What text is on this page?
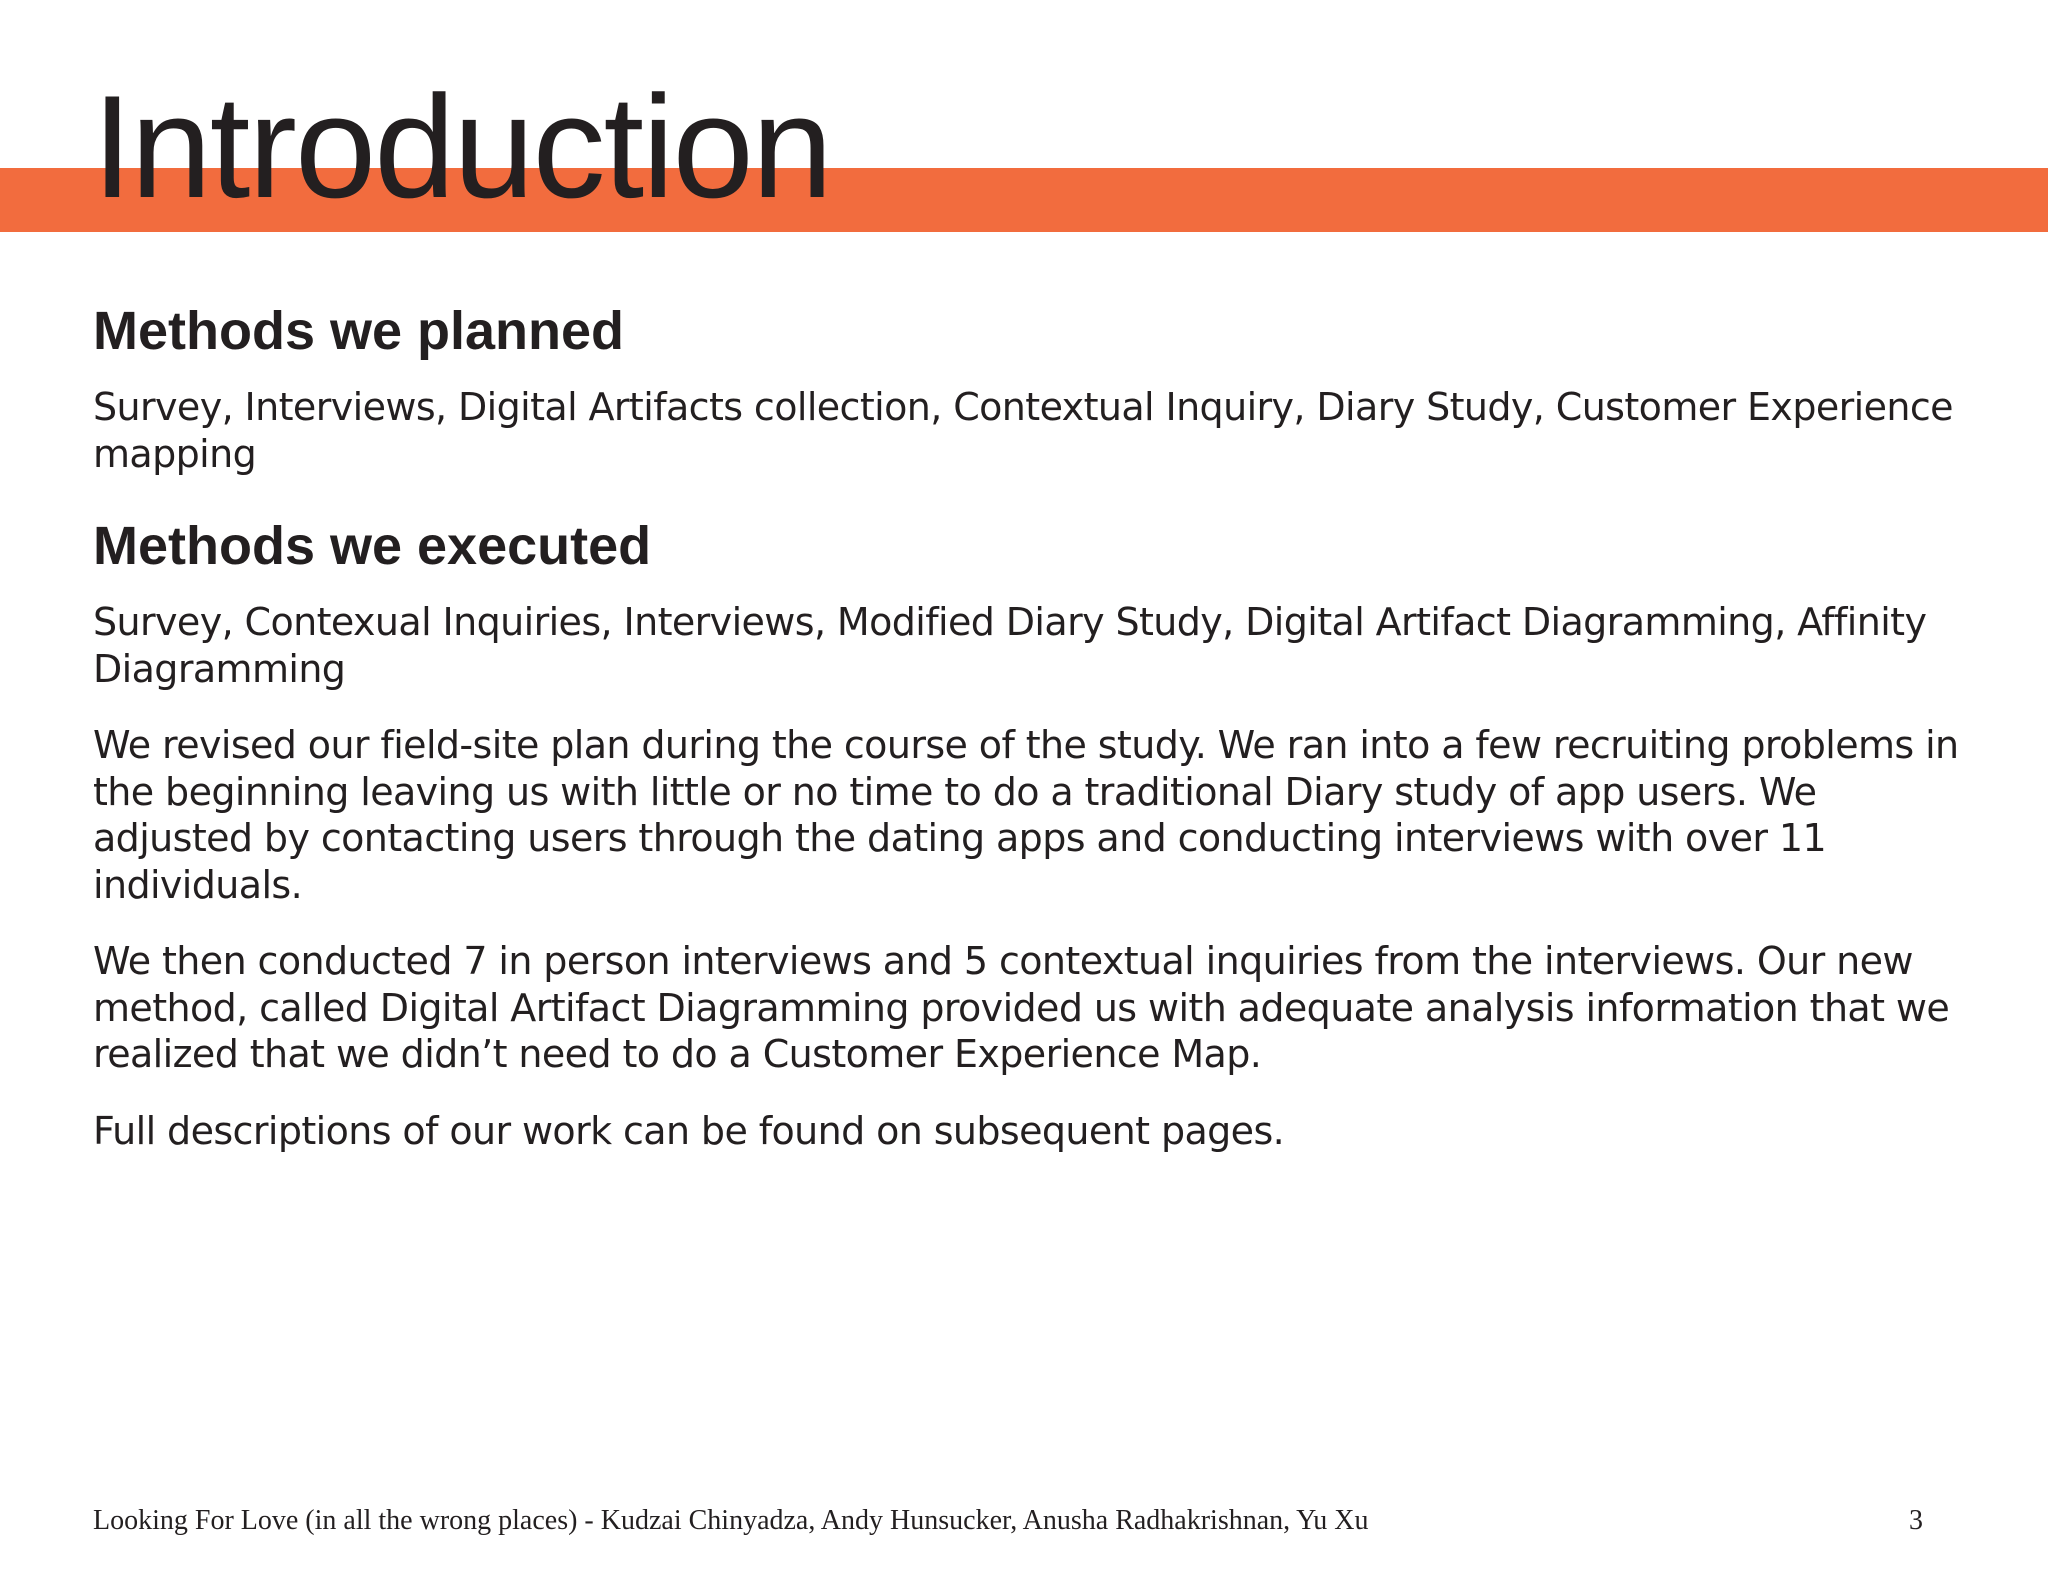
Introduction
Methods we planned

Survey, Interviews, Digital Artifacts collection, Contextual Inquiry, Diary Study, Customer Experience mapping

Methods we executed

Survey, Contexual Inquiries, Interviews, Modified Diary Study, Digital Artifact Diagramming, Affinity Diagramming

We revised our field-site plan during the course of the study. We ran into a few recruiting problems in the beginning leaving us with little or no time to do a traditional Diary study of app users. We adjusted by contacting users through the dating apps and conducting interviews with over 11 individuals.

We then conducted 7 in person interviews and 5 contextual inquiries from the interviews. Our new method, called Digital Artifact Diagramming provided us with adequate analysis information that we realized that we didn’t need to do a Customer Experience Map.

Full descriptions of our work can be found on subsequent pages.

Looking For Love (in all the wrong places) - Kudzai Chinyadza, Andy Hunsucker, Anusha Radhakrishnan, Yu Xu	3
